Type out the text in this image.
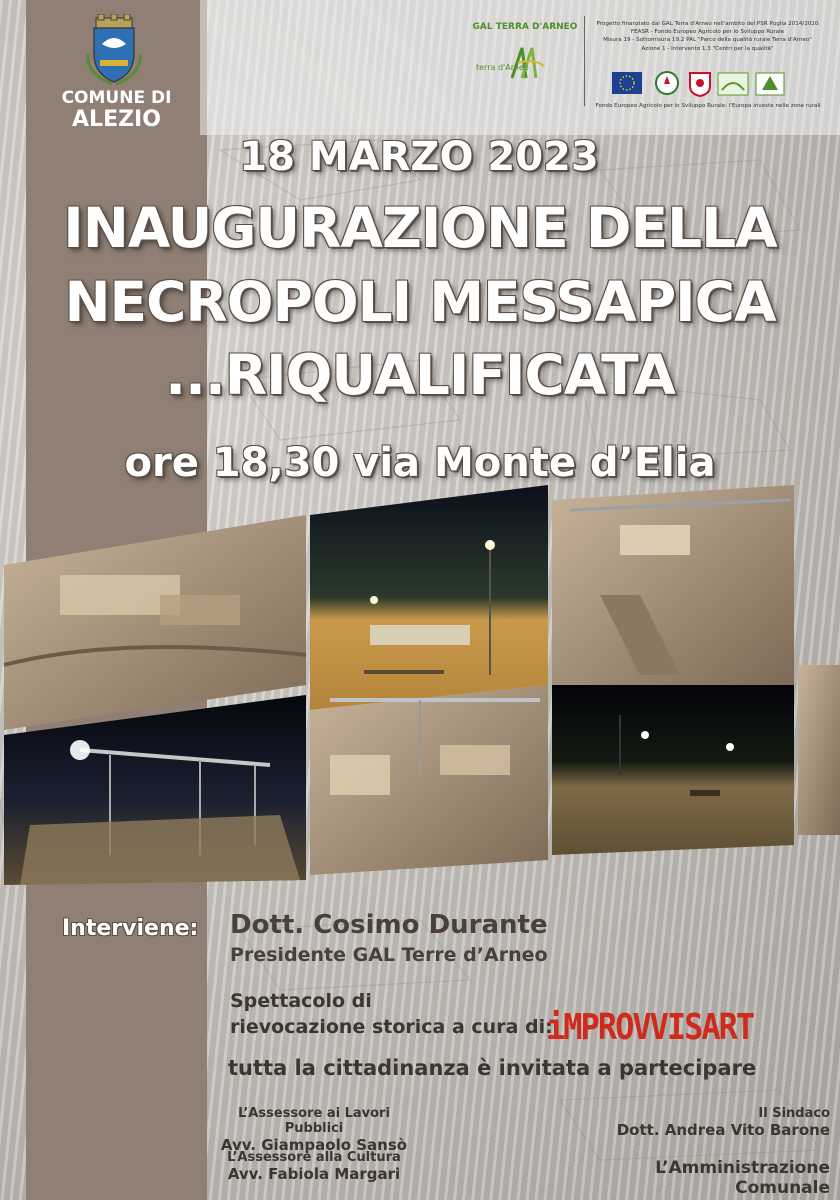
COMUNE DI
ALEZIO
GAL TERRA D'ARNEO
terra d'Arneo
Progetto finanziato dal GAL Terra d'Arneo nell'ambito del PSR Puglia 2014/2020
FEASR - Fondo Europeo Agricolo per lo Sviluppo Rurale
Misura 19 - Sottomisura 19.2 PAL "Parco della qualità rurale Terra d'Arneo"
Azione 1 - Intervento 1.3 "Centri per la qualità"
Fondo Europeo Agricolo per lo Sviluppo Rurale: l'Europa investe nelle zone rurali
18 MARZO 2023
INAUGURAZIONE DELLA
NECROPOLI MESSAPICA
...RIQUALIFICATA
ore 18,30 via Monte d’Elia
Interviene: Dott. Cosimo Durante
Presidente GAL Terre d’Arneo
Spettacolo di
rievocazione storica a cura di:
iMPROVVISART
tutta la cittadinanza è invitata a partecipare
L’Assessore ai Lavori Pubblici
Avv. Giampaolo Sansò
L’Assessore alla Cultura
Avv. Fabiola Margari
Il Sindaco
Dott. Andrea Vito Barone
L’Amministrazione Comunale
